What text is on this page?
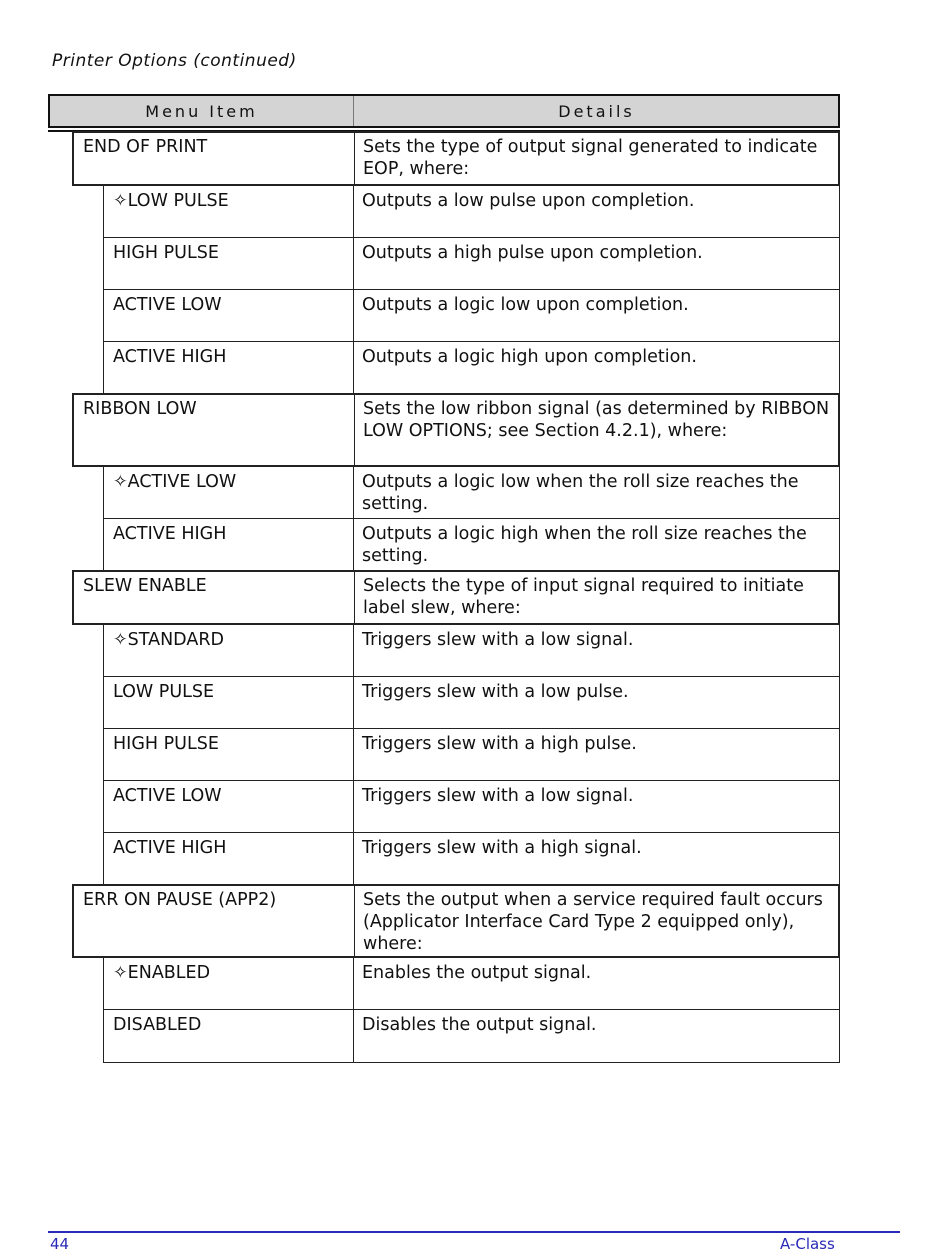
Printer Options (continued)
Menu Item	Details
END OF PRINT	Sets the type of output signal generated to indicate EOP, where:
✧LOW PULSE	Outputs a low pulse upon completion.
HIGH PULSE	Outputs a high pulse upon completion.
ACTIVE LOW	Outputs a logic low upon completion.
ACTIVE HIGH	Outputs a logic high upon completion.
RIBBON LOW	Sets the low ribbon signal (as determined by RIBBON LOW OPTIONS; see Section 4.2.1), where:
✧ACTIVE LOW	Outputs a logic low when the roll size reaches the setting.
ACTIVE HIGH	Outputs a logic high when the roll size reaches the setting.
SLEW ENABLE	Selects the type of input signal required to initiate label slew, where:
✧STANDARD	Triggers slew with a low signal.
LOW PULSE	Triggers slew with a low pulse.
HIGH PULSE	Triggers slew with a high pulse.
ACTIVE LOW	Triggers slew with a low signal.
ACTIVE HIGH	Triggers slew with a high signal.
ERR ON PAUSE (APP2)	Sets the output when a service required fault occurs (Applicator Interface Card Type 2 equipped only), where:
✧ENABLED	Enables the output signal.
DISABLED	Disables the output signal.
44	A-Class
